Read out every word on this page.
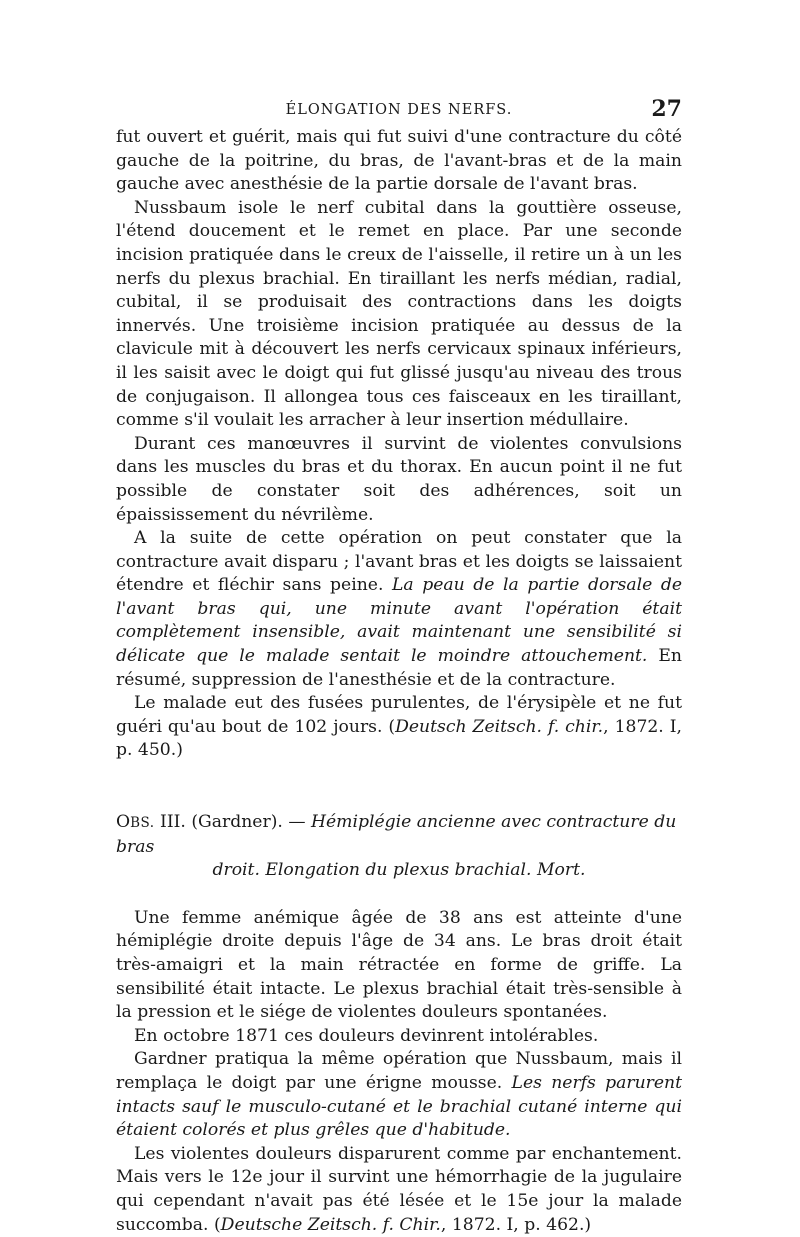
ÉLONGATION DES NERFS.	27

fut ouvert et guérit, mais qui fut suivi d'une contracture du côté gauche de la poitrine, du bras, de l'avant-bras et de la main gauche avec anesthésie de la partie dorsale de l'avant bras.

Nussbaum isole le nerf cubital dans la gouttière osseuse, l'étend doucement et le remet en place. Par une seconde incision pratiquée dans le creux de l'aisselle, il retire un à un les nerfs du plexus brachial. En tiraillant les nerfs médian, radial, cubital, il se produisait des contractions dans les doigts innervés. Une troisième incision pratiquée au dessus de la clavicule mit à découvert les nerfs cervicaux spinaux inférieurs, il les saisit avec le doigt qui fut glissé jusqu'au niveau des trous de conjugaison. Il allongea tous ces faisceaux en les tiraillant, comme s'il voulait les arracher à leur insertion médullaire.

Durant ces manœuvres il survint de violentes convulsions dans les muscles du bras et du thorax. En aucun point il ne fut possible de constater soit des adhérences, soit un épaississement du névrilème.

A la suite de cette opération on peut constater que la contracture avait disparu ; l'avant bras et les doigts se laissaient étendre et fléchir sans peine. La peau de la partie dorsale de l'avant bras qui, une minute avant l'opération était complètement insensible, avait maintenant une sensibilité si délicate que le malade sentait le moindre attouchement. En résumé, suppression de l'anesthésie et de la contracture.

Le malade eut des fusées purulentes, de l'érysipèle et ne fut guéri qu'au bout de 102 jours. (Deutsch Zeitsch. f. chir., 1872. I, p. 450.)

OBS. III. (Gardner). — Hémiplégie ancienne avec contracture du bras
droit. Elongation du plexus brachial. Mort.

Une femme anémique âgée de 38 ans est atteinte d'une hémiplégie droite depuis l'âge de 34 ans. Le bras droit était très-amaigri et la main rétractée en forme de griffe. La sensibilité était intacte. Le plexus brachial était très-sensible à la pression et le siége de violentes douleurs spontanées.

En octobre 1871 ces douleurs devinrent intolérables.

Gardner pratiqua la même opération que Nussbaum, mais il remplaça le doigt par une érigne mousse. Les nerfs parurent intacts sauf le musculo-cutané et le brachial cutané interne qui étaient colorés et plus grêles que d'habitude.

Les violentes douleurs disparurent comme par enchantement. Mais vers le 12e jour il survint une hémorrhagie de la jugulaire qui cependant n'avait pas été lésée et le 15e jour la malade succomba. (Deutsche Zeitsch. f. Chir., 1872. I, p. 462.)
